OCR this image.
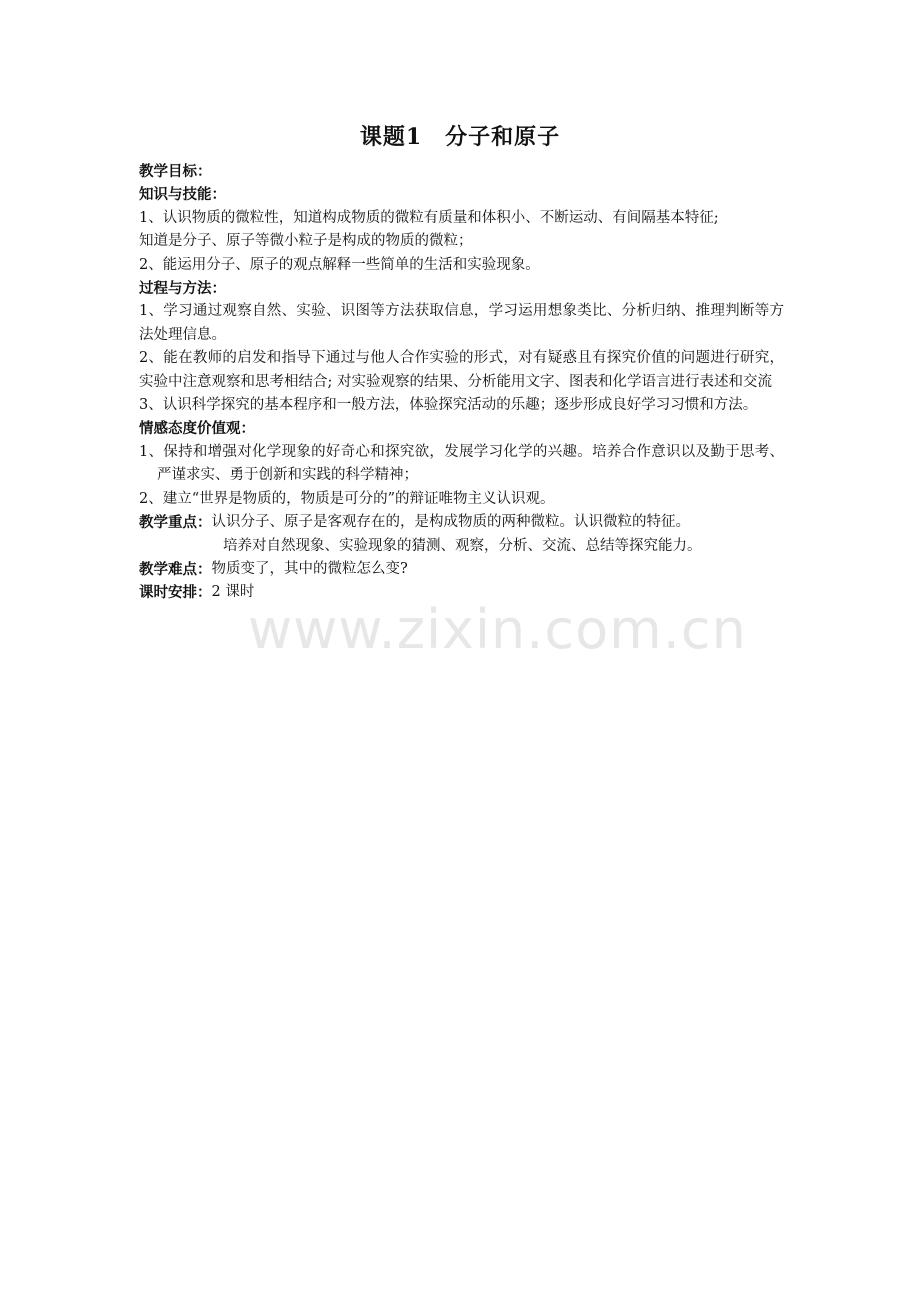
课题1　分子和原子
教学目标：
知识与技能：
1、认识物质的微粒性，知道构成物质的微粒有质量和体积小、不断运动、有间隔基本特征;
知道是分子、原子等微小粒子是构成的物质的微粒；
2、能运用分子、原子的观点解释一些简单的生活和实验现象。
过程与方法：
1、学习通过观察自然、实验、识图等方法获取信息，学习运用想象类比、分析归纳、推理判断等方法处理信息。
2、能在教师的启发和指导下通过与他人合作实验的形式，对有疑惑且有探究价值的问题进行研究，实验中注意观察和思考相结合; 对实验观察的结果、分析能用文字、图表和化学语言进行表述和交流
3、认识科学探究的基本程序和一般方法，体验探究活动的乐趣；逐步形成良好学习习惯和方法。
情感态度价值观：
1、保持和增强对化学现象的好奇心和探究欲，发展学习化学的兴趣。培养合作意识以及勤于思考、严谨求实、勇于创新和实践的科学精神；
2、建立“世界是物质的，物质是可分的”的辩证唯物主义认识观。
教学重点： 认识分子、原子是客观存在的，是构成物质的两种微粒。认识微粒的特征。
培养对自然现象、实验现象的猜测、观察，分析、交流、总结等探究能力。
教学难点： 物质变了，其中的微粒怎么变?
课时安排： 2 课时
www.zixin.com.cn
